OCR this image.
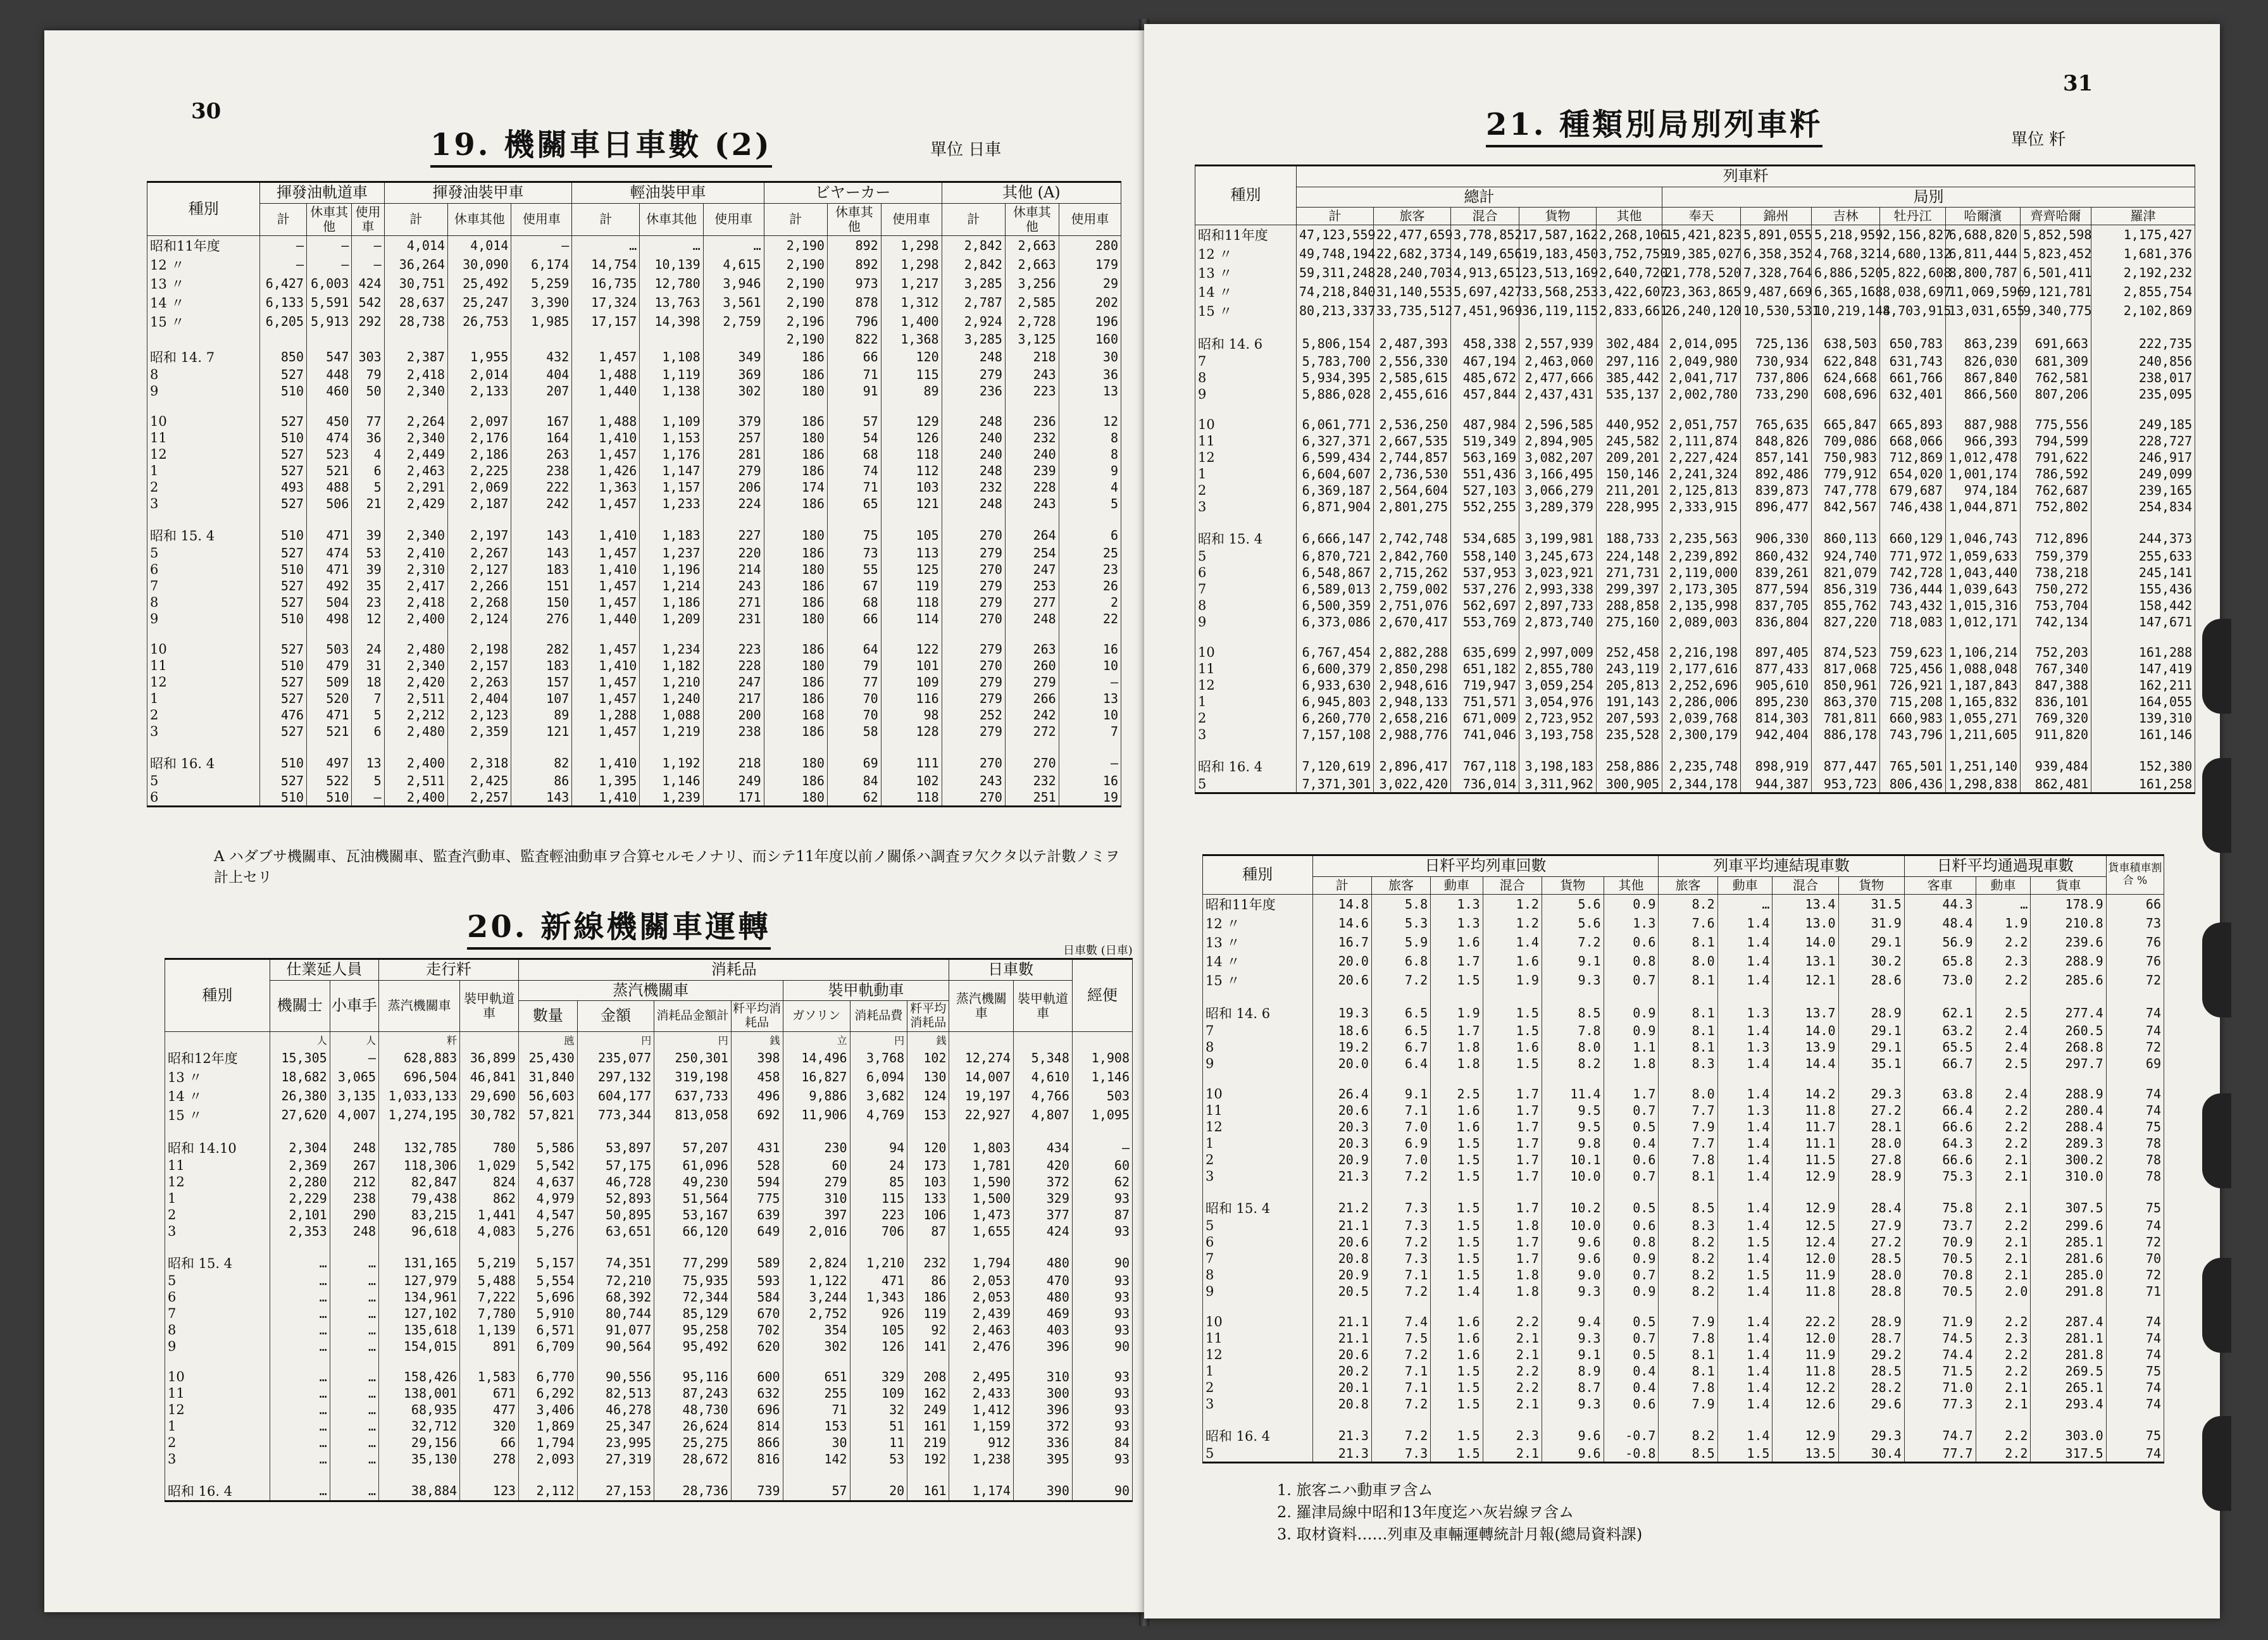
30
19. 機關車日車數 (2)	單位 日車
種別	揮發油軌道車			揮發油裝甲車			輕油裝甲車			ビヤーカー			其他 (A)		
	計	休車其他	使用車	計	休車其他	使用車	計	休車其他	使用車	計	休車其他	使用車	計	休車其他	使用車
昭和11年度	—	—	—	4,014	4,014	—	…	…	…	2,190	892	1,298	2,842	2,663	280
12 〃	—	—	—	36,264	30,090	6,174	14,754	10,139	4,615	2,190	892	1,298	2,842	2,663	179
13 〃	6,427	6,003	424	30,751	25,492	5,259	16,735	12,780	3,946	2,190	973	1,217	3,285	3,256	29
14 〃	6,133	5,591	542	28,637	25,247	3,390	17,324	13,763	3,561	2,190	878	1,312	2,787	2,585	202
15 〃	6,205	5,913	292	28,738	26,753	1,985	17,157	14,398	2,759	2,196	796	1,400	2,924	2,728	196
										2,190	822	1,368	3,285	3,125	160
昭和 14. 7	850	547	303	2,387	1,955	432	1,457	1,108	349	186	66	120	248	218	30
8	527	448	79	2,418	2,014	404	1,488	1,119	369	186	71	115	279	243	36
9	510	460	50	2,340	2,133	207	1,440	1,138	302	180	91	89	236	223	13

10	527	450	77	2,264	2,097	167	1,488	1,109	379	186	57	129	248	236	12
11	510	474	36	2,340	2,176	164	1,410	1,153	257	180	54	126	240	232	8
12	527	523	4	2,449	2,186	263	1,457	1,176	281	186	68	118	240	240	8
1	527	521	6	2,463	2,225	238	1,426	1,147	279	186	74	112	248	239	9
2	493	488	5	2,291	2,069	222	1,363	1,157	206	174	71	103	232	228	4
3	527	506	21	2,429	2,187	242	1,457	1,233	224	186	65	121	248	243	5

昭和 15. 4	510	471	39	2,340	2,197	143	1,410	1,183	227	180	75	105	270	264	6
5	527	474	53	2,410	2,267	143	1,457	1,237	220	186	73	113	279	254	25
6	510	471	39	2,310	2,127	183	1,410	1,196	214	180	55	125	270	247	23
7	527	492	35	2,417	2,266	151	1,457	1,214	243	186	67	119	279	253	26
8	527	504	23	2,418	2,268	150	1,457	1,186	271	186	68	118	279	277	2
9	510	498	12	2,400	2,124	276	1,440	1,209	231	180	66	114	270	248	22

10	527	503	24	2,480	2,198	282	1,457	1,234	223	186	64	122	279	263	16
11	510	479	31	2,340	2,157	183	1,410	1,182	228	180	79	101	270	260	10
12	527	509	18	2,420	2,263	157	1,457	1,210	247	186	77	109	279	279	—
1	527	520	7	2,511	2,404	107	1,457	1,240	217	186	70	116	279	266	13
2	476	471	5	2,212	2,123	89	1,288	1,088	200	168	70	98	252	242	10
3	527	521	6	2,480	2,359	121	1,457	1,219	238	186	58	128	279	272	7

昭和 16. 4	510	497	13	2,400	2,318	82	1,410	1,192	218	180	69	111	270	270	—
5	527	522	5	2,511	2,425	86	1,395	1,146	249	186	84	102	243	232	16
6	510	510	—	2,400	2,257	143	1,410	1,239	171	180	62	118	270	251	19
A ハダブサ機關車、瓦油機關車、監査汽動車、監査輕油動車ヲ合算セルモノナリ、而シテ11年度以前ノ關係ハ調査ヲ欠クタ以テ計數ノミヲ計上セリ
20. 新線機關車運轉
種別	仕業延人員		走行粁		消耗品							日車數		經便
	機關士	小車手	蒸汽機關車	裝甲軌道車	蒸汽機關車				裝甲軌動車			蒸汽機關車	裝甲軌道車	
					數量	金額	消耗品金額計	粁平均消耗品	ガソリン	消耗品費	粁平均消耗品			
	人	人	粁		瓲	円	円	銭	立	円	銭			
昭和12年度	15,305	—	628,883	36,899	25,430	235,077	250,301	398	14,496	3,768	102	12,274	5,348	1,908
13 〃	18,682	3,065	696,504	46,841	31,840	297,132	319,198	458	16,827	6,094	130	14,007	4,610	1,146
14 〃	26,380	3,135	1,033,133	29,690	56,603	604,177	637,733	496	9,886	3,682	124	19,197	4,766	503
15 〃	27,620	4,007	1,274,195	30,782	57,821	773,344	813,058	692	11,906	4,769	153	22,927	4,807	1,095

昭和 14.10	2,304	248	132,785	780	5,586	53,897	57,207	431	230	94	120	1,803	434	—
11	2,369	267	118,306	1,029	5,542	57,175	61,096	528	60	24	173	1,781	420	60
12	2,280	212	82,847	824	4,637	46,728	49,230	594	279	85	103	1,590	372	62
1	2,229	238	79,438	862	4,979	52,893	51,564	775	310	115	133	1,500	329	93
2	2,101	290	83,215	1,441	4,547	50,895	53,167	639	397	223	106	1,473	377	87
3	2,353	248	96,618	4,083	5,276	63,651	66,120	649	2,016	706	87	1,655	424	93

昭和 15. 4	…	…	131,165	5,219	5,157	74,351	77,299	589	2,824	1,210	232	1,794	480	90
5	…	…	127,979	5,488	5,554	72,210	75,935	593	1,122	471	86	2,053	470	93
6	…	…	134,961	7,222	5,696	68,392	72,344	584	3,244	1,343	186	2,053	480	93
7	…	…	127,102	7,780	5,910	80,744	85,129	670	2,752	926	119	2,439	469	93
8	…	…	135,618	1,139	6,571	91,077	95,258	702	354	105	92	2,463	403	93
9	…	…	154,015	891	6,709	90,564	95,492	620	302	126	141	2,476	396	90

10	…	…	158,426	1,583	6,770	90,556	95,116	600	651	329	208	2,495	310	93
11	…	…	138,001	671	6,292	82,513	87,243	632	255	109	162	2,433	300	93
12	…	…	68,935	477	3,406	46,278	48,730	696	71	32	249	1,412	396	93
1	…	…	32,712	320	1,869	25,347	26,624	814	153	51	161	1,159	372	93
2	…	…	29,156	66	1,794	23,995	25,275	866	30	11	219	912	336	84
3	…	…	35,130	278	2,093	27,319	28,672	816	142	53	192	1,238	395	93

昭和 16. 4	…	…	38,884	123	2,112	27,153	28,736	739	57	20	161	1,174	390	90
日車數 (日車)
31
21. 種類別局別列車粁	單位 粁
種別	列車粁											
	總計					局別						
	計	旅客	混合	貨物	其他	奉天	錦州	吉林	牡丹江	哈爾濱	齊齊哈爾	羅津
昭和11年度	47,123,559	22,477,659	3,778,852	17,587,162	2,268,106	15,421,823	5,891,055	5,218,959	2,156,827	6,688,820	5,852,598	1,175,427
12 〃	49,748,194	22,682,373	4,149,656	19,183,450	3,752,759	19,385,027	6,358,352	4,768,321	4,680,132	6,811,444	5,823,452	1,681,376
13 〃	59,311,248	28,240,703	4,913,651	23,513,169	2,640,720	21,778,520	7,328,764	6,886,520	5,822,608	8,800,787	6,501,411	2,192,232
14 〃	74,218,840	31,140,553	5,697,427	33,568,253	3,422,607	23,363,865	9,487,669	6,365,168	8,038,697	11,069,596	9,121,781	2,855,754
15 〃	80,213,337	33,735,512	7,451,969	36,119,115	2,833,661	26,240,120	10,530,531	10,219,144	8,703,915	13,031,655	9,340,775	2,102,869

昭和 14. 6	5,806,154	2,487,393	458,338	2,557,939	302,484	2,014,095	725,136	638,503	650,783	863,239	691,663	222,735
7	5,783,700	2,556,330	467,194	2,463,060	297,116	2,049,980	730,934	622,848	631,743	826,030	681,309	240,856
8	5,934,395	2,585,615	485,672	2,477,666	385,442	2,041,717	737,806	624,668	661,766	867,840	762,581	238,017
9	5,886,028	2,455,616	457,844	2,437,431	535,137	2,002,780	733,290	608,696	632,401	866,560	807,206	235,095

10	6,061,771	2,536,250	487,984	2,596,585	440,952	2,051,757	765,635	665,847	665,893	887,988	775,556	249,185
11	6,327,371	2,667,535	519,349	2,894,905	245,582	2,111,874	848,826	709,086	668,066	966,393	794,599	228,727
12	6,599,434	2,744,857	563,169	3,082,207	209,201	2,227,424	857,141	750,983	712,869	1,012,478	791,622	246,917
1	6,604,607	2,736,530	551,436	3,166,495	150,146	2,241,324	892,486	779,912	654,020	1,001,174	786,592	249,099
2	6,369,187	2,564,604	527,103	3,066,279	211,201	2,125,813	839,873	747,778	679,687	974,184	762,687	239,165
3	6,871,904	2,801,275	552,255	3,289,379	228,995	2,333,915	896,477	842,567	746,438	1,044,871	752,802	254,834

昭和 15. 4	6,666,147	2,742,748	534,685	3,199,981	188,733	2,235,563	906,330	860,113	660,129	1,046,743	712,896	244,373
5	6,870,721	2,842,760	558,140	3,245,673	224,148	2,239,892	860,432	924,740	771,972	1,059,633	759,379	255,633
6	6,548,867	2,715,262	537,953	3,023,921	271,731	2,119,000	839,261	821,079	742,728	1,043,440	738,218	245,141
7	6,589,013	2,759,002	537,276	2,993,338	299,397	2,173,305	877,594	856,319	736,444	1,039,643	750,272	155,436
8	6,500,359	2,751,076	562,697	2,897,733	288,858	2,135,998	837,705	855,762	743,432	1,015,316	753,704	158,442
9	6,373,086	2,670,417	553,769	2,873,740	275,160	2,089,003	836,804	827,220	718,083	1,012,171	742,134	147,671

10	6,767,454	2,882,288	635,699	2,997,009	252,458	2,216,198	897,405	874,523	759,623	1,106,214	752,203	161,288
11	6,600,379	2,850,298	651,182	2,855,780	243,119	2,177,616	877,433	817,068	725,456	1,088,048	767,340	147,419
12	6,933,630	2,948,616	719,947	3,059,254	205,813	2,252,696	905,610	850,961	726,921	1,187,843	847,388	162,211
1	6,945,803	2,948,133	751,571	3,054,976	191,143	2,286,006	895,230	863,370	715,208	1,165,832	836,101	164,055
2	6,260,770	2,658,216	671,009	2,723,952	207,593	2,039,768	814,303	781,811	660,983	1,055,271	769,320	139,310
3	7,157,108	2,988,776	741,046	3,193,758	235,528	2,300,179	942,404	886,178	743,796	1,211,605	911,820	161,146

昭和 16. 4	7,120,619	2,896,417	767,118	3,198,183	258,886	2,235,748	898,919	877,447	765,501	1,251,140	939,484	152,380
5	7,371,301	3,022,420	736,014	3,311,962	300,905	2,344,178	944,387	953,723	806,436	1,298,838	862,481	161,258
種別	日粁平均列車回數						列車平均連結現車數				日粁平均通過現車數			貨車積車割合 %
	計	旅客	動車	混合	貨物	其他	旅客	動車	混合	貨物	客車	動車	貨車	
昭和11年度	14.8	5.8	1.3	1.2	5.6	0.9	8.2	…	13.4	31.5	44.3	…	178.9	66
12 〃	14.6	5.3	1.3	1.2	5.6	1.3	7.6	1.4	13.0	31.9	48.4	1.9	210.8	73
13 〃	16.7	5.9	1.6	1.4	7.2	0.6	8.1	1.4	14.0	29.1	56.9	2.2	239.6	76
14 〃	20.0	6.8	1.7	1.6	9.1	0.8	8.0	1.4	13.1	30.2	65.8	2.3	288.9	76
15 〃	20.6	7.2	1.5	1.9	9.3	0.7	8.1	1.4	12.1	28.6	73.0	2.2	285.6	72

昭和 14. 6	19.3	6.5	1.9	1.5	8.5	0.9	8.1	1.3	13.7	28.9	62.1	2.5	277.4	74
7	18.6	6.5	1.7	1.5	7.8	0.9	8.1	1.4	14.0	29.1	63.2	2.4	260.5	74
8	19.2	6.7	1.8	1.6	8.0	1.1	8.1	1.3	13.9	29.1	65.5	2.4	268.8	72
9	20.0	6.4	1.8	1.5	8.2	1.8	8.3	1.4	14.4	35.1	66.7	2.5	297.7	69

10	26.4	9.1	2.5	1.7	11.4	1.7	8.0	1.4	14.2	29.3	63.8	2.4	288.9	74
11	20.6	7.1	1.6	1.7	9.5	0.7	7.7	1.3	11.8	27.2	66.4	2.2	280.4	74
12	20.3	7.0	1.6	1.7	9.5	0.5	7.9	1.4	11.7	28.1	66.6	2.2	288.4	75
1	20.3	6.9	1.5	1.7	9.8	0.4	7.7	1.4	11.1	28.0	64.3	2.2	289.3	78
2	20.9	7.0	1.5	1.7	10.1	0.6	7.8	1.4	11.5	27.8	66.6	2.1	300.2	78
3	21.3	7.2	1.5	1.7	10.0	0.7	8.1	1.4	12.9	28.9	75.3	2.1	310.0	78

昭和 15. 4	21.2	7.3	1.5	1.7	10.2	0.5	8.5	1.4	12.9	28.4	75.8	2.1	307.5	75
5	21.1	7.3	1.5	1.8	10.0	0.6	8.3	1.4	12.5	27.9	73.7	2.2	299.6	74
6	20.6	7.2	1.5	1.7	9.6	0.8	8.2	1.5	12.4	27.2	70.9	2.1	285.1	72
7	20.8	7.3	1.5	1.7	9.6	0.9	8.2	1.4	12.0	28.5	70.5	2.1	281.6	70
8	20.9	7.1	1.5	1.8	9.0	0.7	8.2	1.5	11.9	28.0	70.8	2.1	285.0	72
9	20.5	7.2	1.4	1.8	9.3	0.9	8.2	1.4	11.8	28.8	70.5	2.0	291.8	71

10	21.1	7.4	1.6	2.2	9.4	0.5	7.9	1.4	22.2	28.9	71.9	2.2	287.4	74
11	21.1	7.5	1.6	2.1	9.3	0.7	7.8	1.4	12.0	28.7	74.5	2.3	281.1	74
12	20.6	7.2	1.6	2.1	9.1	0.5	8.1	1.4	11.9	29.2	74.4	2.2	281.8	74
1	20.2	7.1	1.5	2.2	8.9	0.4	8.1	1.4	11.8	28.5	71.5	2.2	269.5	75
2	20.1	7.1	1.5	2.2	8.7	0.4	7.8	1.4	12.2	28.2	71.0	2.1	265.1	74
3	20.8	7.2	1.5	2.1	9.3	0.6	7.9	1.4	12.6	29.6	77.3	2.1	293.4	74

昭和 16. 4	21.3	7.2	1.5	2.3	9.6	-0.7	8.2	1.4	12.9	29.3	74.7	2.2	303.0	75
5	21.3	7.3	1.5	2.1	9.6	-0.8	8.5	1.5	13.5	30.4	77.7	2.2	317.5	74
1. 旅客ニハ動車ヲ含ム
2. 羅津局線中昭和13年度迄ハ灰岩線ヲ含ム
3. 取材資料……列車及車輛運轉統計月報(總局資料課)
